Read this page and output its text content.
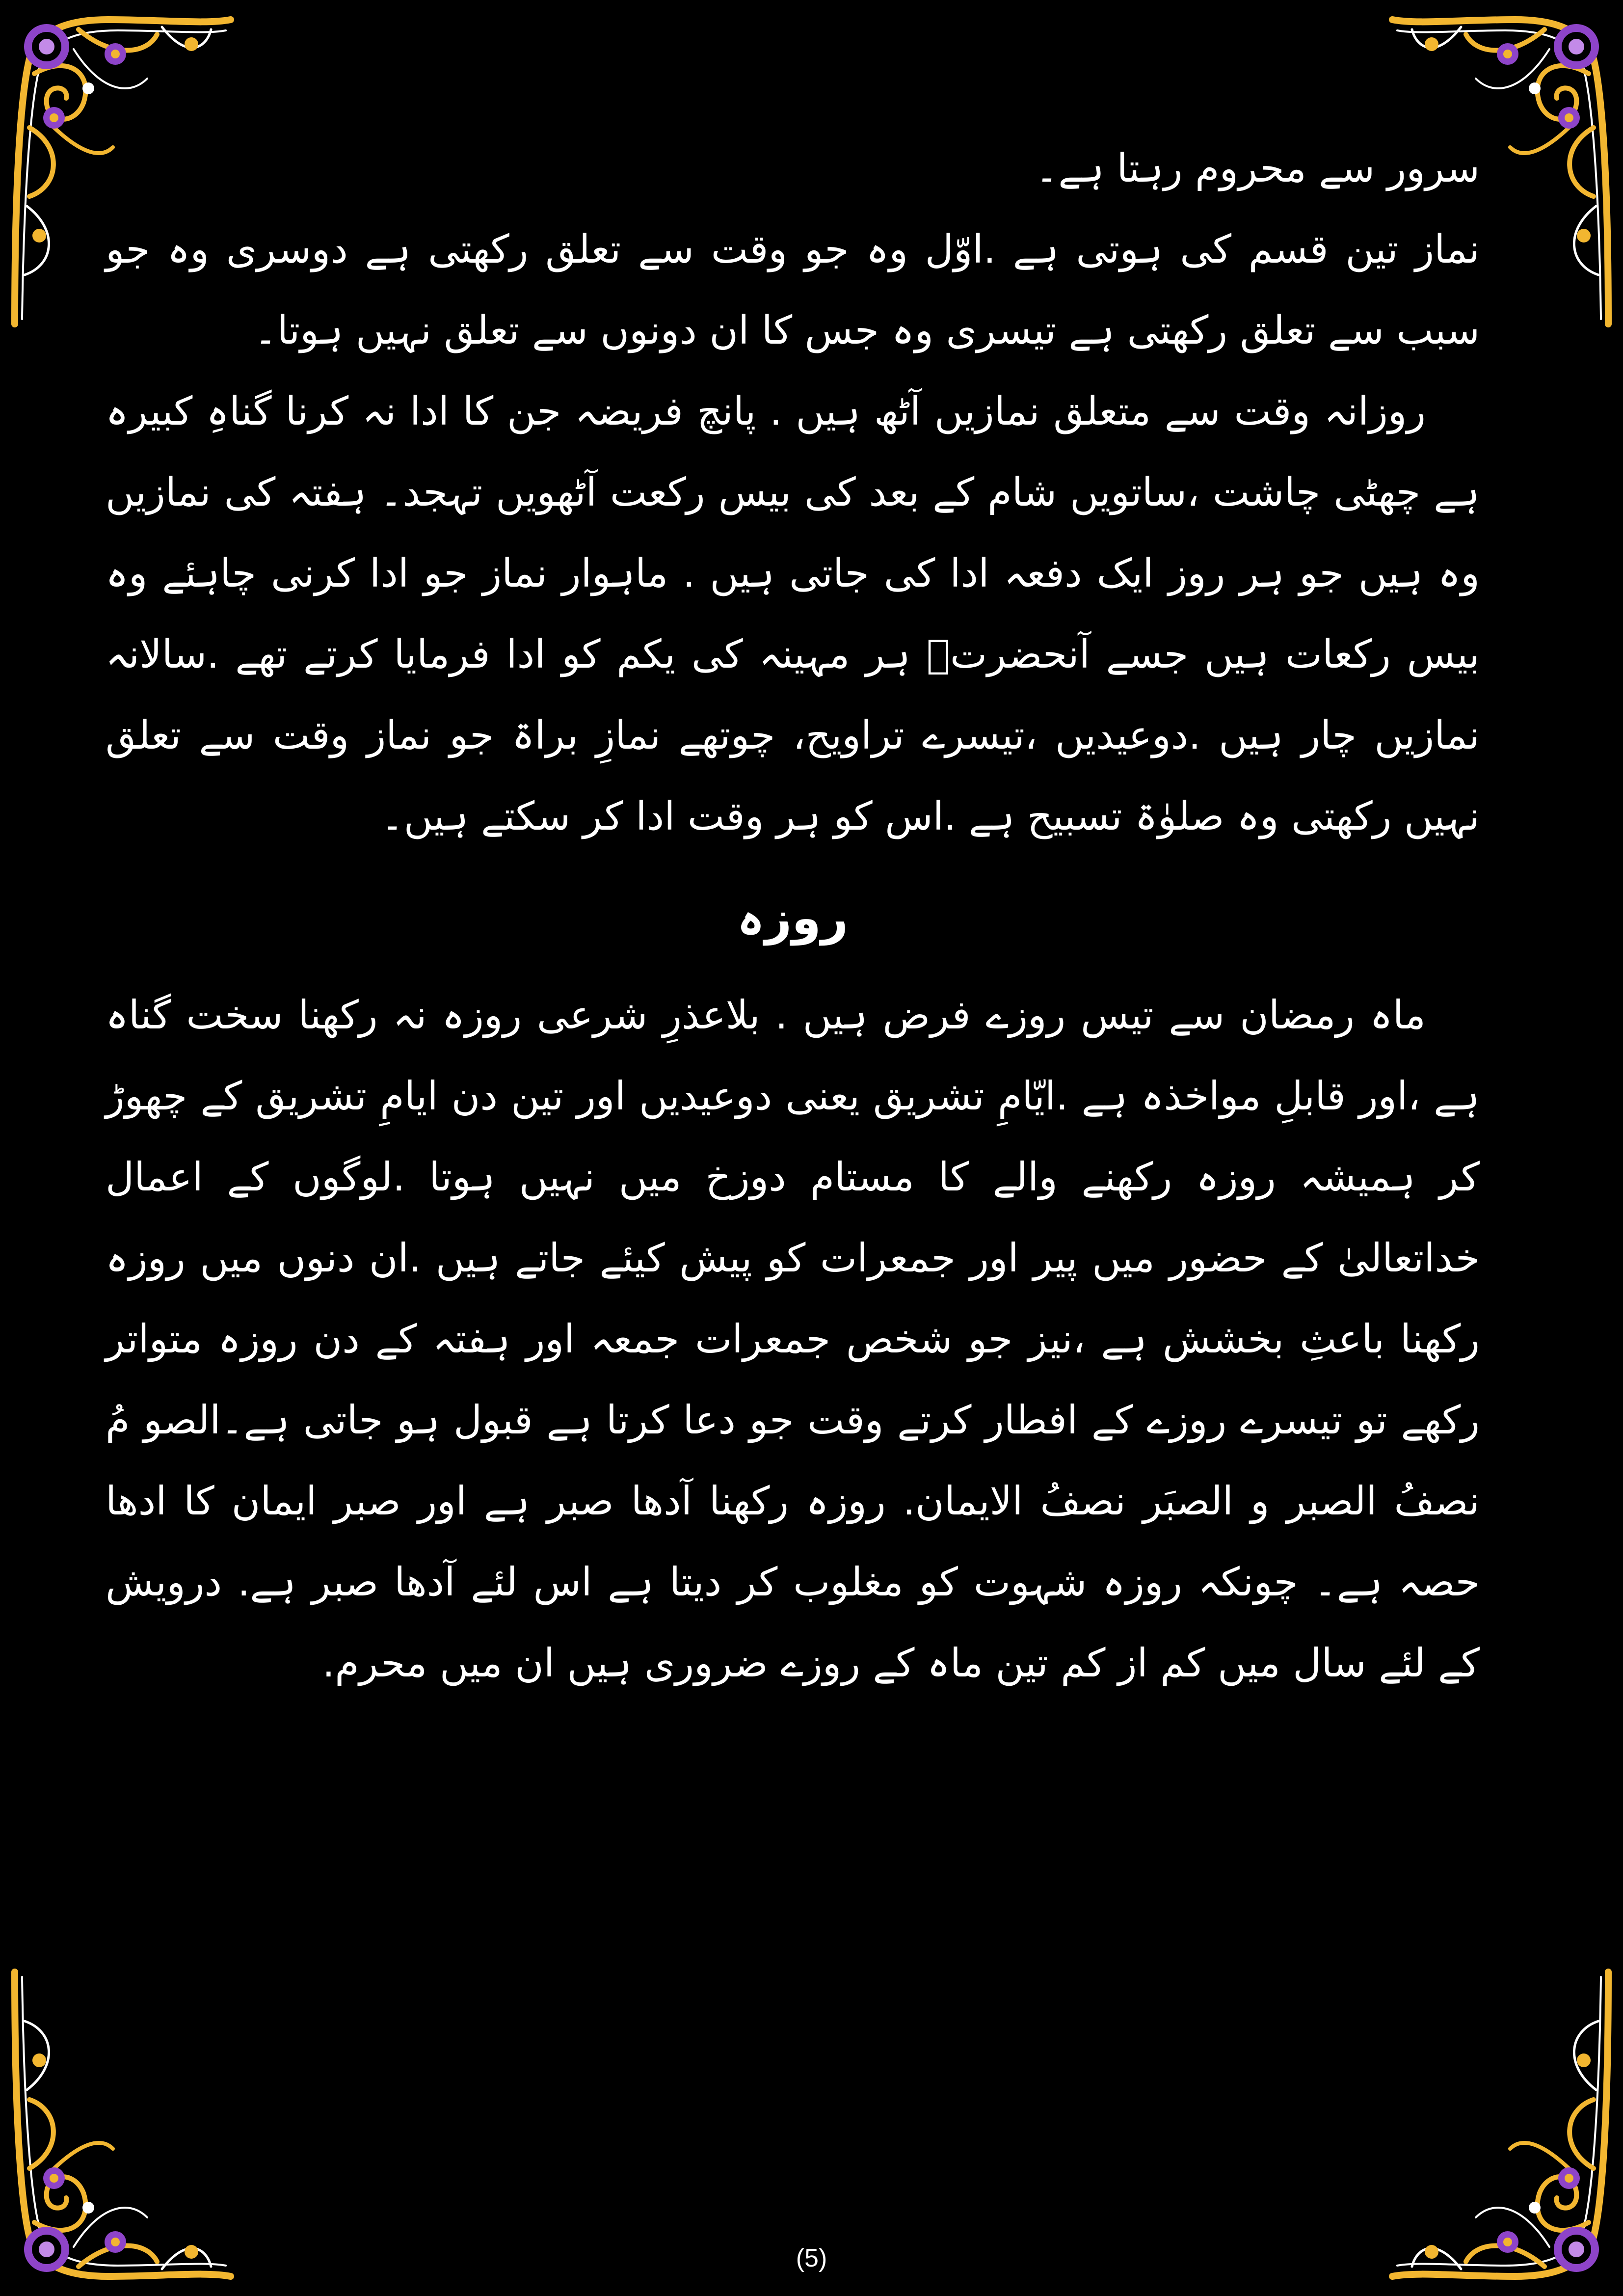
سرور سے محروم رہتا ہے۔

نماز تین قسم کی ہوتی ہے .اوّل وہ جو وقت سے تعلق رکھتی ہے دوسری وہ جو سبب سے تعلق رکھتی ہے تیسری وہ جس کا ان دونوں سے تعلق نہیں ہوتا۔

روزانہ وقت سے متعلق نمازیں آٹھ ہیں . پانچ فریضہ جن کا ادا نہ کرنا گناہِ کبیرہ ہے چھٹی چاشت ،ساتویں شام کے بعد کی بیس رکعت آٹھویں تہجد۔ ہفتہ کی نمازیں وہ ہیں جو ہر روز ایک دفعہ ادا کی جاتی ہیں . ماہوار نماز جو ادا کرنی چاہئے وہ بیس رکعات ہیں جسے آنحضرتؐ ہر مہینہ کی یکم کو ادا فرمایا کرتے تھے .سالانہ نمازیں چار ہیں .دوعیدیں ،تیسرے تراویح، چوتھے نمازِ براۃ جو نماز وقت سے تعلق نہیں رکھتی وہ صلوٰۃ تسبیح ہے .اس کو ہر وقت ادا کر سکتے ہیں۔

روزہ

ماہ رمضان سے تیس روزے فرض ہیں . بلاعذرِ شرعی روزہ نہ رکھنا سخت گناہ ہے ،اور قابلِ مواخذہ ہے .ایّامِ تشریق یعنی دوعیدیں اور تین دن ایامِ تشریق کے چھوڑ کر ہمیشہ روزہ رکھنے والے کا مستام دوزخ میں نہیں ہوتا .لوگوں کے اعمال خداتعالیٰ کے حضور میں پیر اور جمعرات کو پیش کیئے جاتے ہیں .ان دنوں میں روزہ رکھنا باعثِ بخشش ہے ،نیز جو شخص جمعرات جمعہ اور ہفتہ کے دن روزہ متواتر رکھے تو تیسرے روزے کے افطار کرتے وقت جو دعا کرتا ہے قبول ہو جاتی ہے۔الصو مُ نصفُ الصبر و الصبَر نصفُ الایمان. روزہ رکھنا آدھا صبر ہے اور صبر ایمان کا ادھا حصہ ہے۔ چونکہ روزہ شہوت کو مغلوب کر دیتا ہے اس لئے آدھا صبر ہے. درویش کے لئے سال میں کم از کم تین ماہ کے روزے ضروری ہیں ان میں محرم.

(5)
